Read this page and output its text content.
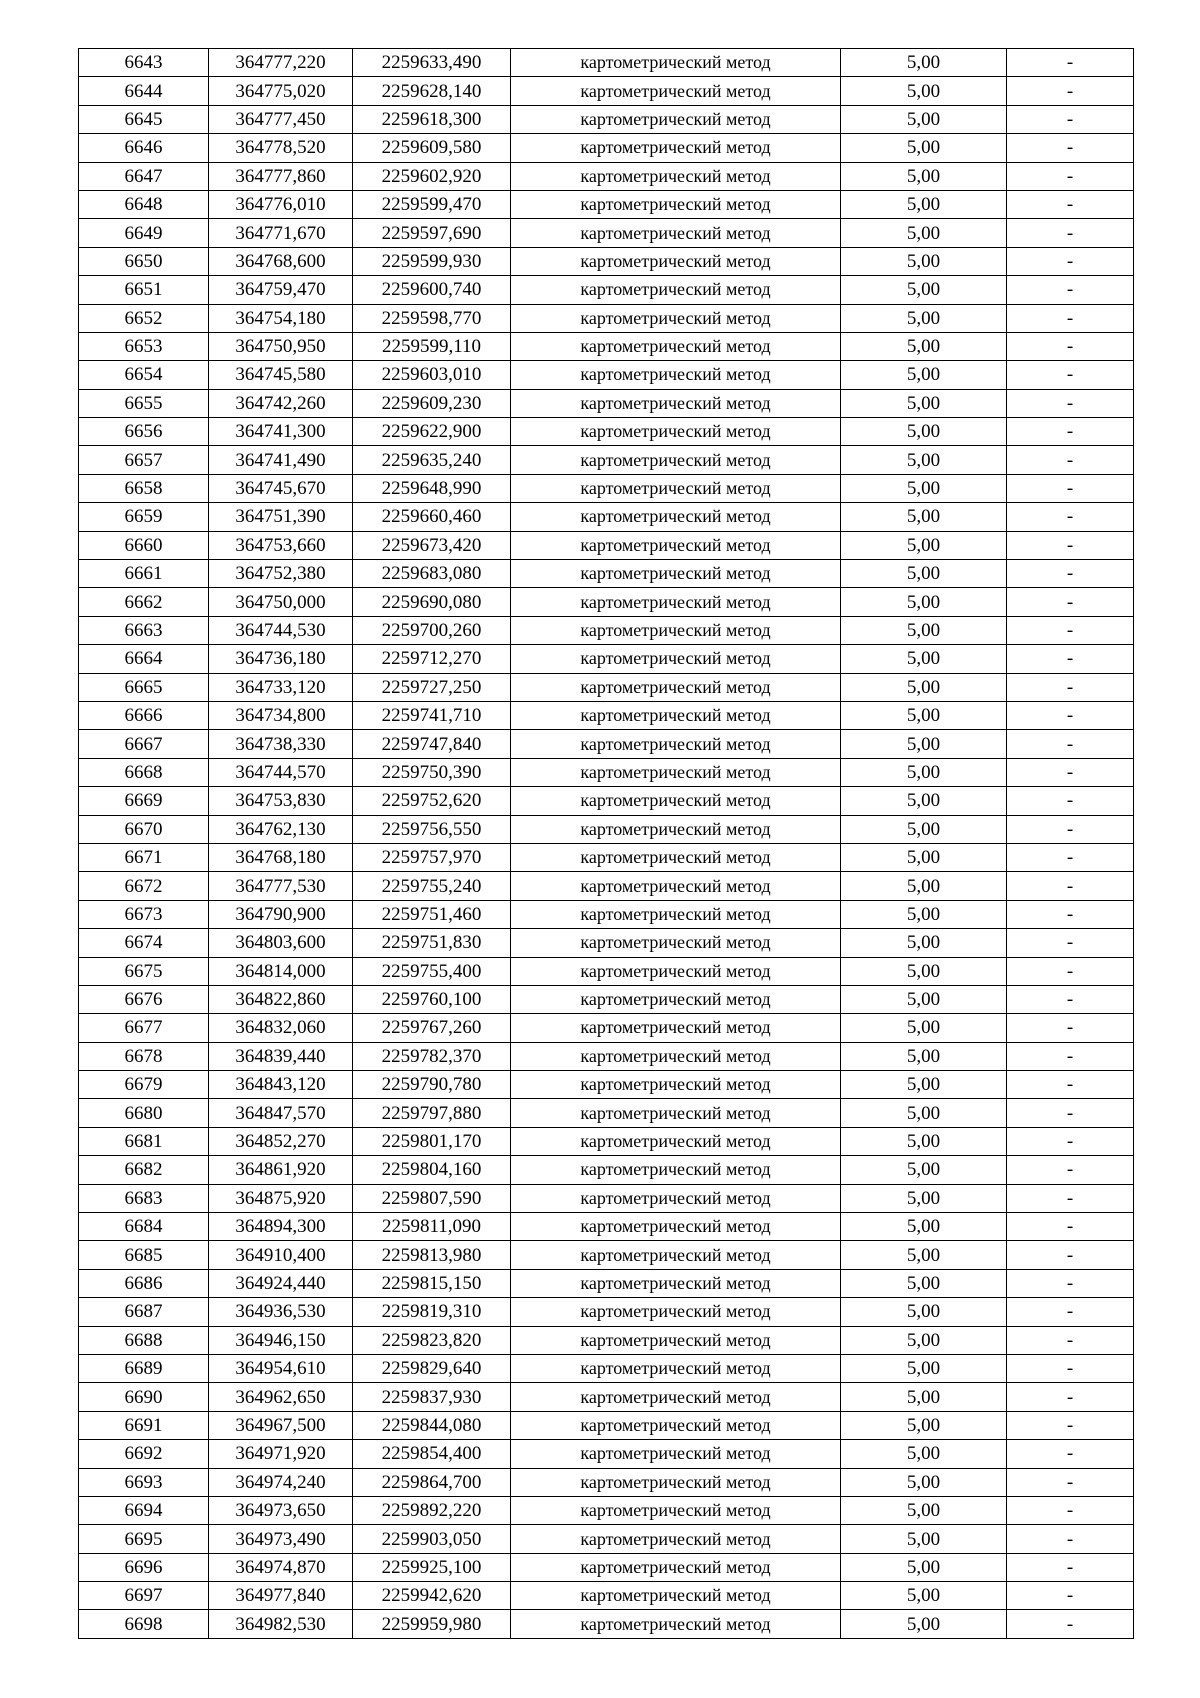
6643	364777,220	2259633,490	картометрический метод	5,00	-
6644	364775,020	2259628,140	картометрический метод	5,00	-
6645	364777,450	2259618,300	картометрический метод	5,00	-
6646	364778,520	2259609,580	картометрический метод	5,00	-
6647	364777,860	2259602,920	картометрический метод	5,00	-
6648	364776,010	2259599,470	картометрический метод	5,00	-
6649	364771,670	2259597,690	картометрический метод	5,00	-
6650	364768,600	2259599,930	картометрический метод	5,00	-
6651	364759,470	2259600,740	картометрический метод	5,00	-
6652	364754,180	2259598,770	картометрический метод	5,00	-
6653	364750,950	2259599,110	картометрический метод	5,00	-
6654	364745,580	2259603,010	картометрический метод	5,00	-
6655	364742,260	2259609,230	картометрический метод	5,00	-
6656	364741,300	2259622,900	картометрический метод	5,00	-
6657	364741,490	2259635,240	картометрический метод	5,00	-
6658	364745,670	2259648,990	картометрический метод	5,00	-
6659	364751,390	2259660,460	картометрический метод	5,00	-
6660	364753,660	2259673,420	картометрический метод	5,00	-
6661	364752,380	2259683,080	картометрический метод	5,00	-
6662	364750,000	2259690,080	картометрический метод	5,00	-
6663	364744,530	2259700,260	картометрический метод	5,00	-
6664	364736,180	2259712,270	картометрический метод	5,00	-
6665	364733,120	2259727,250	картометрический метод	5,00	-
6666	364734,800	2259741,710	картометрический метод	5,00	-
6667	364738,330	2259747,840	картометрический метод	5,00	-
6668	364744,570	2259750,390	картометрический метод	5,00	-
6669	364753,830	2259752,620	картометрический метод	5,00	-
6670	364762,130	2259756,550	картометрический метод	5,00	-
6671	364768,180	2259757,970	картометрический метод	5,00	-
6672	364777,530	2259755,240	картометрический метод	5,00	-
6673	364790,900	2259751,460	картометрический метод	5,00	-
6674	364803,600	2259751,830	картометрический метод	5,00	-
6675	364814,000	2259755,400	картометрический метод	5,00	-
6676	364822,860	2259760,100	картометрический метод	5,00	-
6677	364832,060	2259767,260	картометрический метод	5,00	-
6678	364839,440	2259782,370	картометрический метод	5,00	-
6679	364843,120	2259790,780	картометрический метод	5,00	-
6680	364847,570	2259797,880	картометрический метод	5,00	-
6681	364852,270	2259801,170	картометрический метод	5,00	-
6682	364861,920	2259804,160	картометрический метод	5,00	-
6683	364875,920	2259807,590	картометрический метод	5,00	-
6684	364894,300	2259811,090	картометрический метод	5,00	-
6685	364910,400	2259813,980	картометрический метод	5,00	-
6686	364924,440	2259815,150	картометрический метод	5,00	-
6687	364936,530	2259819,310	картометрический метод	5,00	-
6688	364946,150	2259823,820	картометрический метод	5,00	-
6689	364954,610	2259829,640	картометрический метод	5,00	-
6690	364962,650	2259837,930	картометрический метод	5,00	-
6691	364967,500	2259844,080	картометрический метод	5,00	-
6692	364971,920	2259854,400	картометрический метод	5,00	-
6693	364974,240	2259864,700	картометрический метод	5,00	-
6694	364973,650	2259892,220	картометрический метод	5,00	-
6695	364973,490	2259903,050	картометрический метод	5,00	-
6696	364974,870	2259925,100	картометрический метод	5,00	-
6697	364977,840	2259942,620	картометрический метод	5,00	-
6698	364982,530	2259959,980	картометрический метод	5,00	-
